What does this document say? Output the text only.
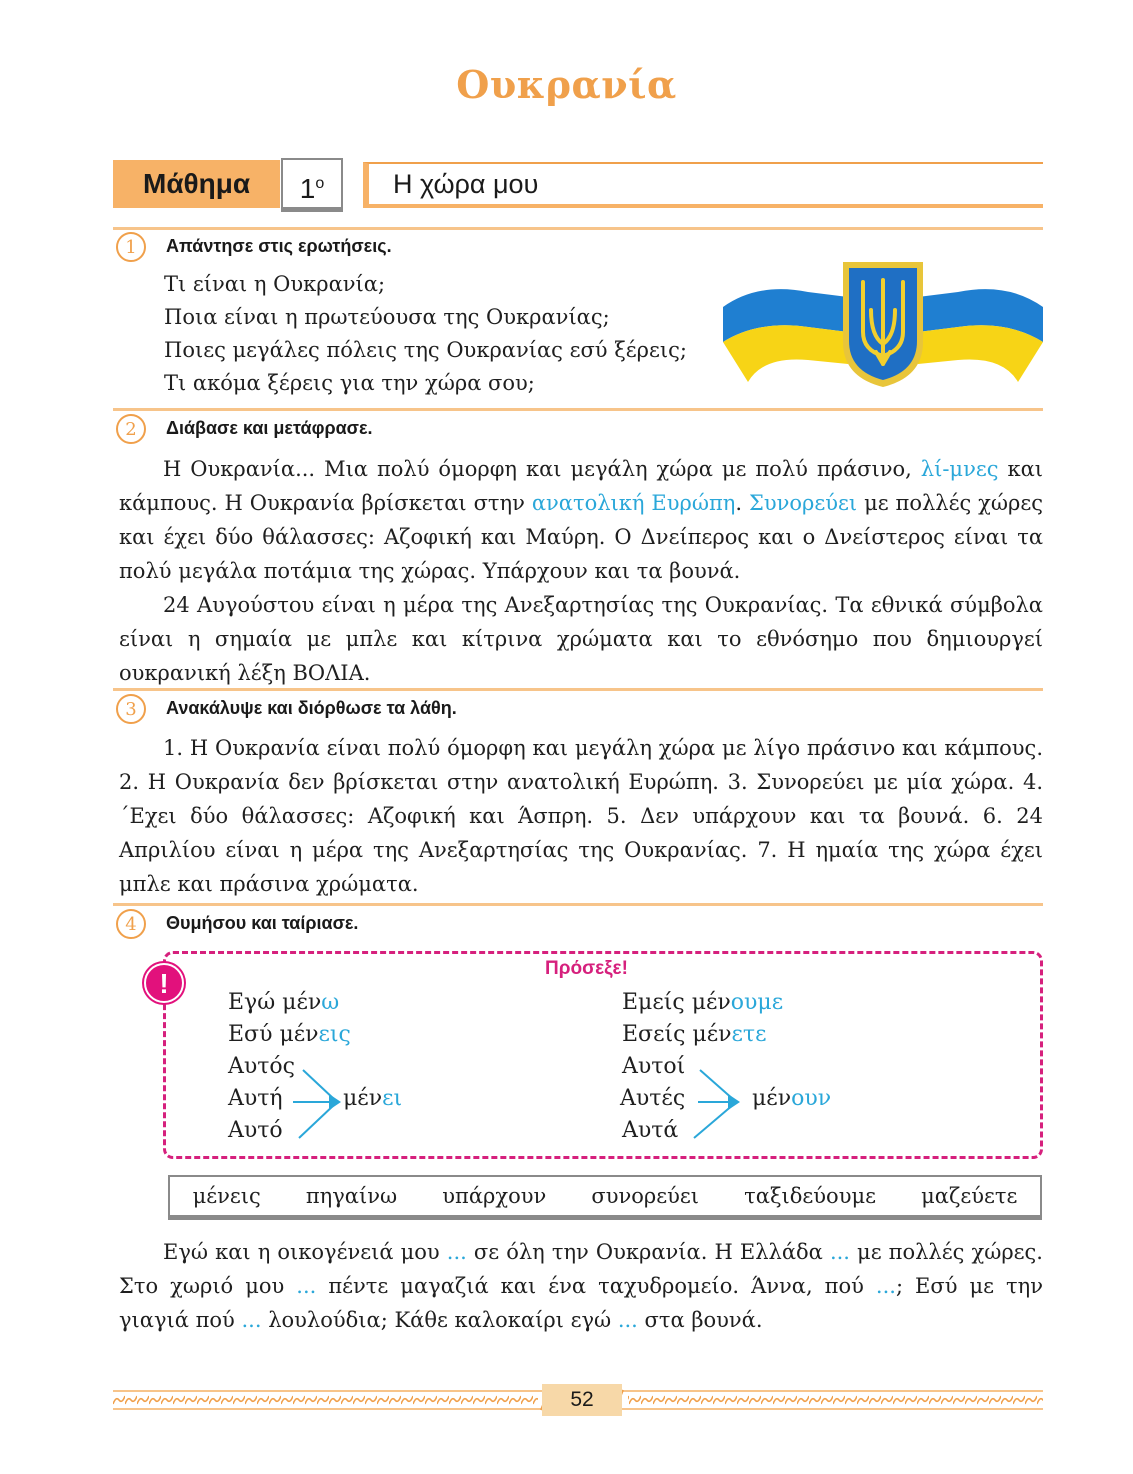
Ουκρανία
Μάθημα	$1^o$	Η χώρα μου
1	Απάντησε στις ερωτήσεις.
Τι είναι η Ουκρανία;
Ποια είναι η πρωτεύουσα της Ουκρανίας;
Ποιες μεγάλες πόλεις της Ουκρανίας εσύ ξέρεις;
Τι ακόμα ξέρεις για την χώρα σου;
2	Διάβασε και μετάφρασε.
Η Ουκρανία... Μια πολύ όμορφη και μεγάλη χώρα με πολύ πράσινο, λί-μνες και κάμπους. Η Ουκρανία βρίσκεται στην ανατολική Ευρώπη. Συνορεύει με πολλές χώρες και έχει δύο θάλασσες: Αζοφική και Μαύρη. Ο Δνείπερος και ο Δνείστερος είναι τα πολύ μεγάλα ποτάμια της χώρας. Υπάρχουν και τα βουνά.
24 Αυγούστου είναι η μέρα της Ανεξαρτησίας της Ουκρανίας. Τα εθνικά σύμβολα είναι η σημαία με μπλε και κίτρινα χρώματα και το εθνόσημο που δημιουργεί ουκρανική λέξη ΒΟΛΙΑ.
3	Ανακάλυψε και διόρθωσε τα λάθη.
1. Η Ουκρανία είναι πολύ όμορφη και μεγάλη χώρα με λίγο πράσινο και κάμπους. 2. Η Ουκρανία δεν βρίσκεται στην ανατολική Ευρώπη. 3. Συνορεύει με μία χώρα. 4. ΄Εχει δύο θάλασσες: Αζοφική και Άσπρη. 5. Δεν υπάρχουν και τα βουνά. 6. 24 Απριλίου είναι η μέρα της Ανεξαρτησίας της Ουκρανίας. 7. Η ημαία της χώρα έχει μπλε και πράσινα χρώματα.
4	Θυμήσου και ταίριασε.
!	Πρόσεξε!
Εγώ μένω
Εσύ μένεις
Αυτός
Αυτή
Αυτό
μένει
Εμείς μένουμε
Εσείς μένετε
Αυτοί
Αυτές
Αυτά
μένουν
μένεις πηγαίνω υπάρχουν συνορεύει ταξιδεύουμε μαζεύετε
Εγώ και η οικογένειά μου ... σε όλη την Ουκρανία. Η Ελλάδα ... με πολλές χώρες. Στο χωριό μου ... πέντε μαγαζιά και ένα ταχυδρομείο. Άννα, πού ...; Εσύ με την γιαγιά πού ... λουλούδια; Κάθε καλοκαίρι εγώ ... στα βουνά.
52
